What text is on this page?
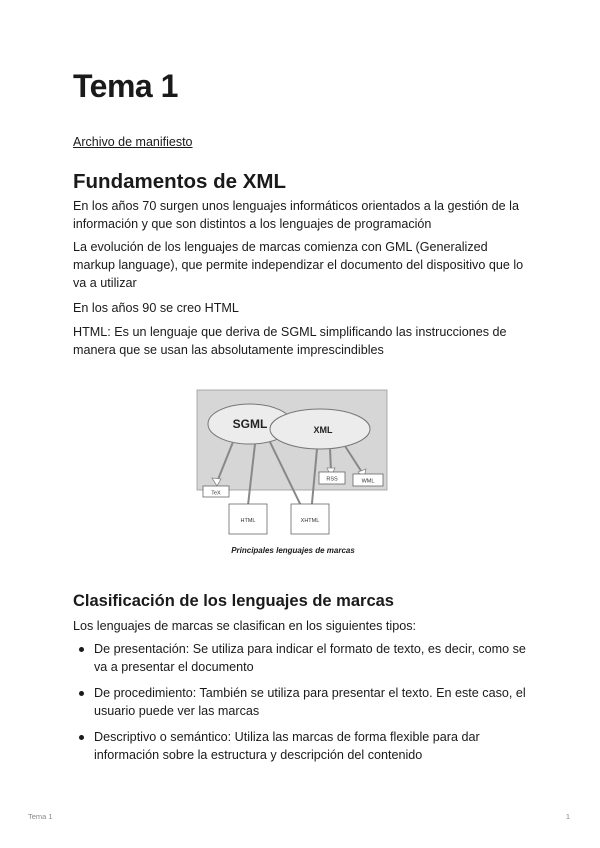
Tema 1
Archivo de manifiesto
Fundamentos de XML

En los años 70 surgen unos lenguajes informáticos orientados a la gestión de la información y que son distintos a los lenguajes de programación

La evolución de los lenguajes de marcas comienza con GML (Generalized markup language), que permite independizar el documento del dispositivo que lo va a utilizar

En los años 90 se creo HTML

HTML: Es un lenguaje que deriva de SGML simplificando las instrucciones de manera que se usan las absolutamente imprescindibles

Clasificación de los lenguajes de marcas

Los lenguajes de marcas se clasifican en los siguientes tipos:

De presentación: Se utiliza para indicar el formato de texto, es decir, como se va a presentar el documento
De procedimiento: También se utiliza para presentar el texto. En este caso, el usuario puede ver las marcas
Descriptivo o semántico: Utiliza las marcas de forma flexible para dar información sobre la estructura y descripción del contenido
SGML	XML
TeX
RSS	WML
HTML	XHTML
Principales lenguajes de marcas
Tema 1	1
